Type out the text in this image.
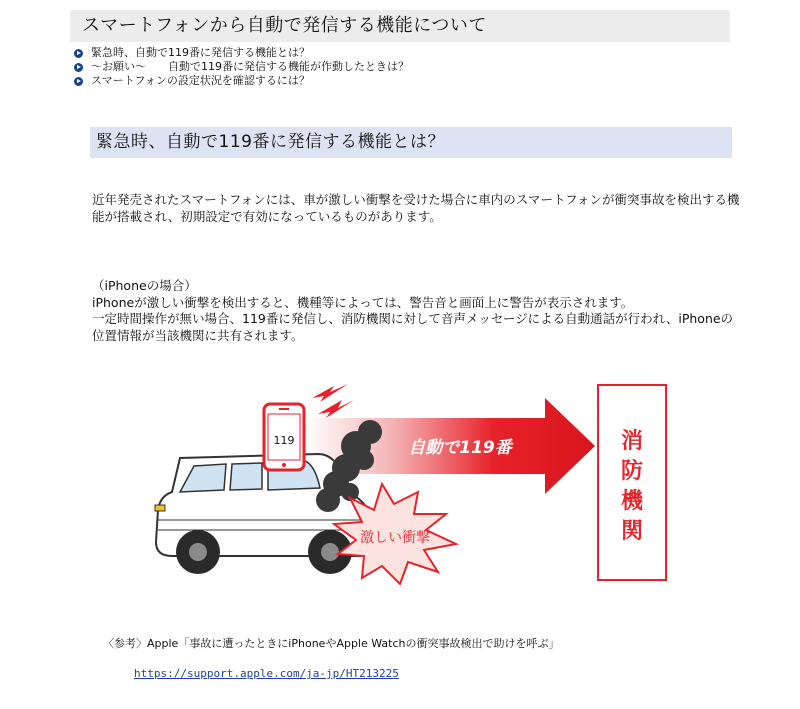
スマートフォンから自動で発信する機能について
緊急時、自動で119番に発信する機能とは？
～お願い～　　自動で119番に発信する機能が作動したときは？
スマートフォンの設定状況を確認するには？
緊急時、自動で119番に発信する機能とは？

近年発売されたスマートフォンには、車が激しい衝撃を受けた場合に車内のスマートフォンが衝突事故を検出する機能が搭載され、初期設定で有効になっているものがあります。

（iPhoneの場合）
iPhoneが激しい衝撃を検出すると、機種等によっては、警告音と画面上に警告が表示されます。
一定時間操作が無い場合、119番に発信し、消防機関に対して音声メッセージによる自動通話が行われ、iPhoneの位置情報が当該機関に共有されます。
自動で119番
激しい衝撃
119	消
防
機
関

〈参考〉Apple「事故に遭ったときにiPhoneやApple Watchの衝突事故検出で助けを呼ぶ」

https://support.apple.com/ja-jp/HT213225
